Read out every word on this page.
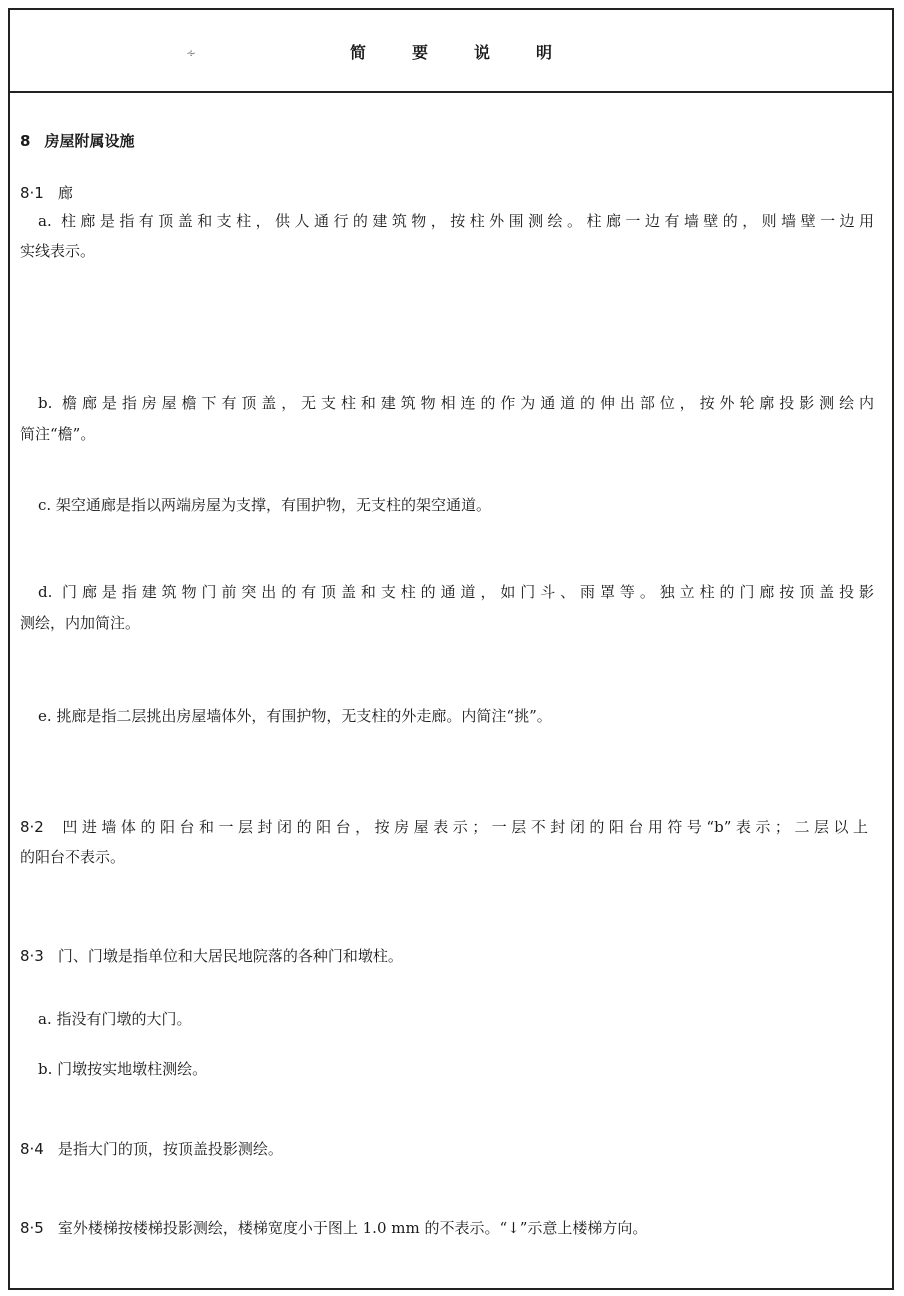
∻	简要说明
8 房屋附属设施
8·1 廊
a. 柱廊是指有顶盖和支柱，供人通行的建筑物，按柱外围测绘。柱廊一边有墙壁的，则墙壁一边用
实线表示。
b. 檐廊是指房屋檐下有顶盖，无支柱和建筑物相连的作为通道的伸出部位，按外轮廓投影测绘内
简注“檐”。
c. 架空通廊是指以两端房屋为支撑，有围护物，无支柱的架空通道。
d. 门廊是指建筑物门前突出的有顶盖和支柱的通道，如门斗、雨罩等。独立柱的门廊按顶盖投影
测绘，内加简注。
e. 挑廊是指二层挑出房屋墙体外，有围护物，无支柱的外走廊。内简注“挑”。
8·2 凹进墙体的阳台和一层封闭的阳台，按房屋表示；一层不封闭的阳台用符号“b”表示；二层以上
的阳台不表示。
8·3 门、门墩是指单位和大居民地院落的各种门和墩柱。
a. 指没有门墩的大门。
b. 门墩按实地墩柱测绘。
8·4 是指大门的顶，按顶盖投影测绘。
8·5 室外楼梯按楼梯投影测绘，楼梯宽度小于图上 1.0 mm 的不表示。“↓”示意上楼梯方向。
